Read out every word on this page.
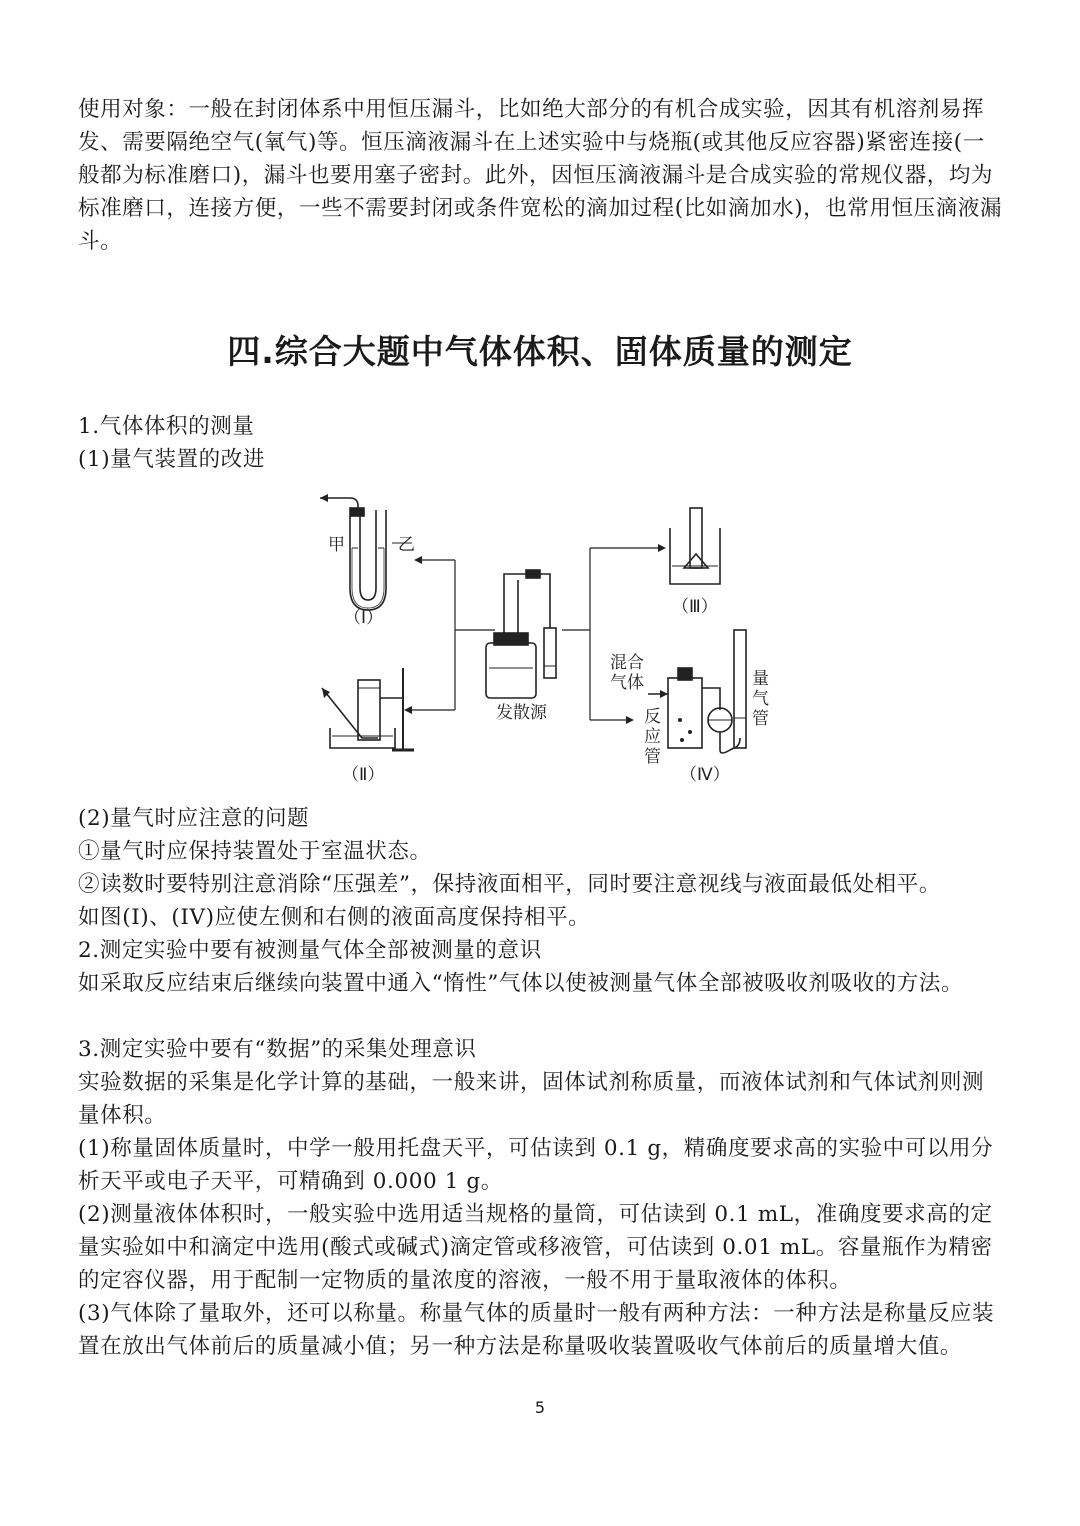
使用对象：一般在封闭体系中用恒压漏斗，比如绝大部分的有机合成实验，因其有机溶剂易挥发、需要隔绝空气(氧气)等。恒压滴液漏斗在上述实验中与烧瓶(或其他反应容器)紧密连接(一般都为标准磨口)，漏斗也要用塞子密封。此外，因恒压滴液漏斗是合成实验的常规仪器，均为标准磨口，连接方便，一些不需要封闭或条件宽松的滴加过程(比如滴加水)，也常用恒压滴液漏斗。

四.综合大题中气体体积、固体质量的测定
1.气体体积的测量
(1)量气装置的改进
甲	乙
（Ⅰ）
（Ⅱ）
发散源
（Ⅲ）
混合
气体
反
应
管
量
气
管
（Ⅳ）
(2)量气时应注意的问题
①量气时应保持装置处于室温状态。
②读数时要特别注意消除“压强差”，保持液面相平，同时要注意视线与液面最低处相平。
如图(I)、(IV)应使左侧和右侧的液面高度保持相平。
2.测定实验中要有被测量气体全部被测量的意识

如采取反应结束后继续向装置中通入“惰性”气体以使被测量气体全部被吸收剂吸收的方法。

3.测定实验中要有“数据”的采集处理意识

实验数据的采集是化学计算的基础，一般来讲，固体试剂称质量，而液体试剂和气体试剂则测量体积。

(1)称量固体质量时，中学一般用托盘天平，可估读到 0.1 g，精确度要求高的实验中可以用分析天平或电子天平，可精确到 0.000 1 g。

(2)测量液体体积时，一般实验中选用适当规格的量筒，可估读到 0.1 mL，准确度要求高的定量实验如中和滴定中选用(酸式或碱式)滴定管或移液管，可估读到 0.01 mL。容量瓶作为精密的定容仪器，用于配制一定物质的量浓度的溶液，一般不用于量取液体的体积。

(3)气体除了量取外，还可以称量。称量气体的质量时一般有两种方法：一种方法是称量反应装置在放出气体前后的质量减小值；另一种方法是称量吸收装置吸收气体前后的质量增大值。

5
